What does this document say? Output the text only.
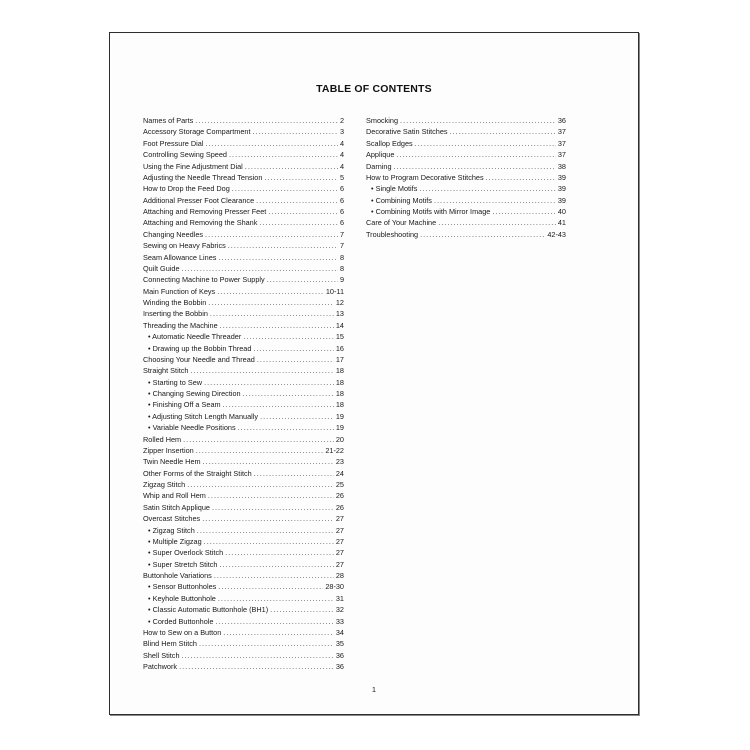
TABLE OF CONTENTS
Names of Parts . . .	2
Accessory Storage Compartment . . .	3
Foot Pressure Dial . . .	4
Controlling Sewing Speed . . .	4
Using the Fine Adjustment Dial . . .	4
Adjusting the Needle Thread Tension . . .	5
How to Drop the Feed Dog . . .	6
Additional Presser Foot Clearance . . .	6
Attaching and Removing Presser Feet . . .	6
Attaching and Removing the Shank . . .	6
Changing Needles . . .	7
Sewing on Heavy Fabrics . . .	7
Seam Allowance Lines . . .	8
Quilt Guide . . .	8
Connecting Machine to Power Supply . . .	9
Main Function of Keys . . .	10-11
Winding the Bobbin . . .	12
Inserting the Bobbin . . .	13
Threading the Machine . . .	14
• Automatic Needle Threader . . .	15
• Drawing up the Bobbin Thread . . .	16
Choosing Your Needle and Thread . . .	17
Straight Stitch . . .	18
• Starting to Sew . . .	18
• Changing Sewing Direction . . .	18
• Finishing Off a Seam . . .	18
• Adjusting Stitch Length Manually . . .	19
• Variable Needle Positions . . .	19
Rolled Hem . . .	20
Zipper Insertion . . .	21-22
Twin Needle Hem . . .	23
Other Forms of the Straight Stitch . . .	24
Zigzag Stitch . . .	25
Whip and Roll Hem . . .	26
Satin Stitch Applique . . .	26
Overcast Stitches . . .	27
• Zigzag Stitch . . .	27
• Multiple Zigzag . . .	27
• Super Overlock Stitch . . .	27
• Super Stretch Stitch . . .	27
Buttonhole Variations . . .	28
• Sensor Buttonholes . . .	28-30
• Keyhole Buttonhole . . .	31
• Classic Automatic Buttonhole (BH1) . . .	32
• Corded Buttonhole . . .	33
How to Sew on a Button . . .	34
Blind Hem Stitch . . .	35
Shell Stitch . . .	36
Patchwork . . .	36
Smocking . . .	36
Decorative Satin Stitches . . .	37
Scallop Edges . . .	37
Applique . . .	37
Darning . . .	38
How to Program Decorative Stitches . . .	39
• Single Motifs . . .	39
• Combining Motifs . . .	39
• Combining Motifs with Mirror Image . . .	40
Care of Your Machine . . .	41
Troubleshooting . . .	42-43
1
